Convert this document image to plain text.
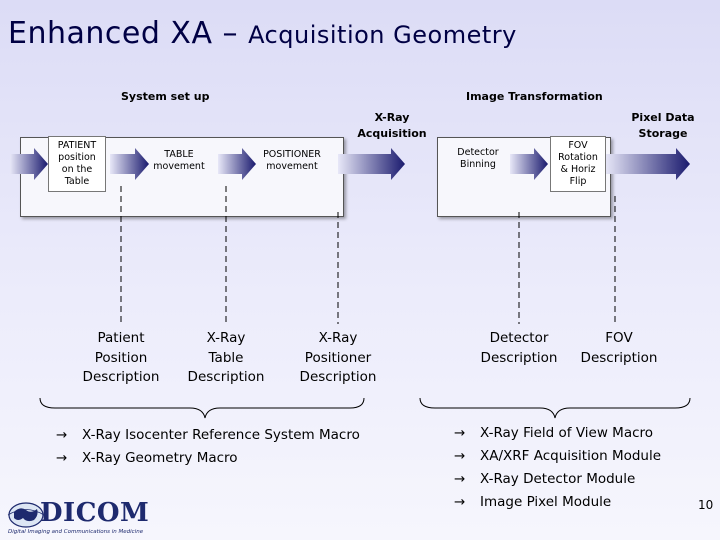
Enhanced XA – Acquisition Geometry
System set up	Image Transformation
PATIENT
position
on the
Table
TABLE
movement
POSITIONER
movement
Detector
Binning
FOV
Rotation
& Horiz
Flip
X-Ray
Acquisition
Pixel Data
Storage
Patient
Position
Description
X-Ray
Table
Description
X-Ray
Positioner
Description
Detector
Description
FOV
Description
→ X-Ray Isocenter Reference System Macro
→ X-Ray Geometry Macro
→ X-Ray Field of View Macro
→ XA/XRF Acquisition Module
→ X-Ray Detector Module
→ Image Pixel Module	10
DICOM
Digital Imaging and Communications in Medicine
